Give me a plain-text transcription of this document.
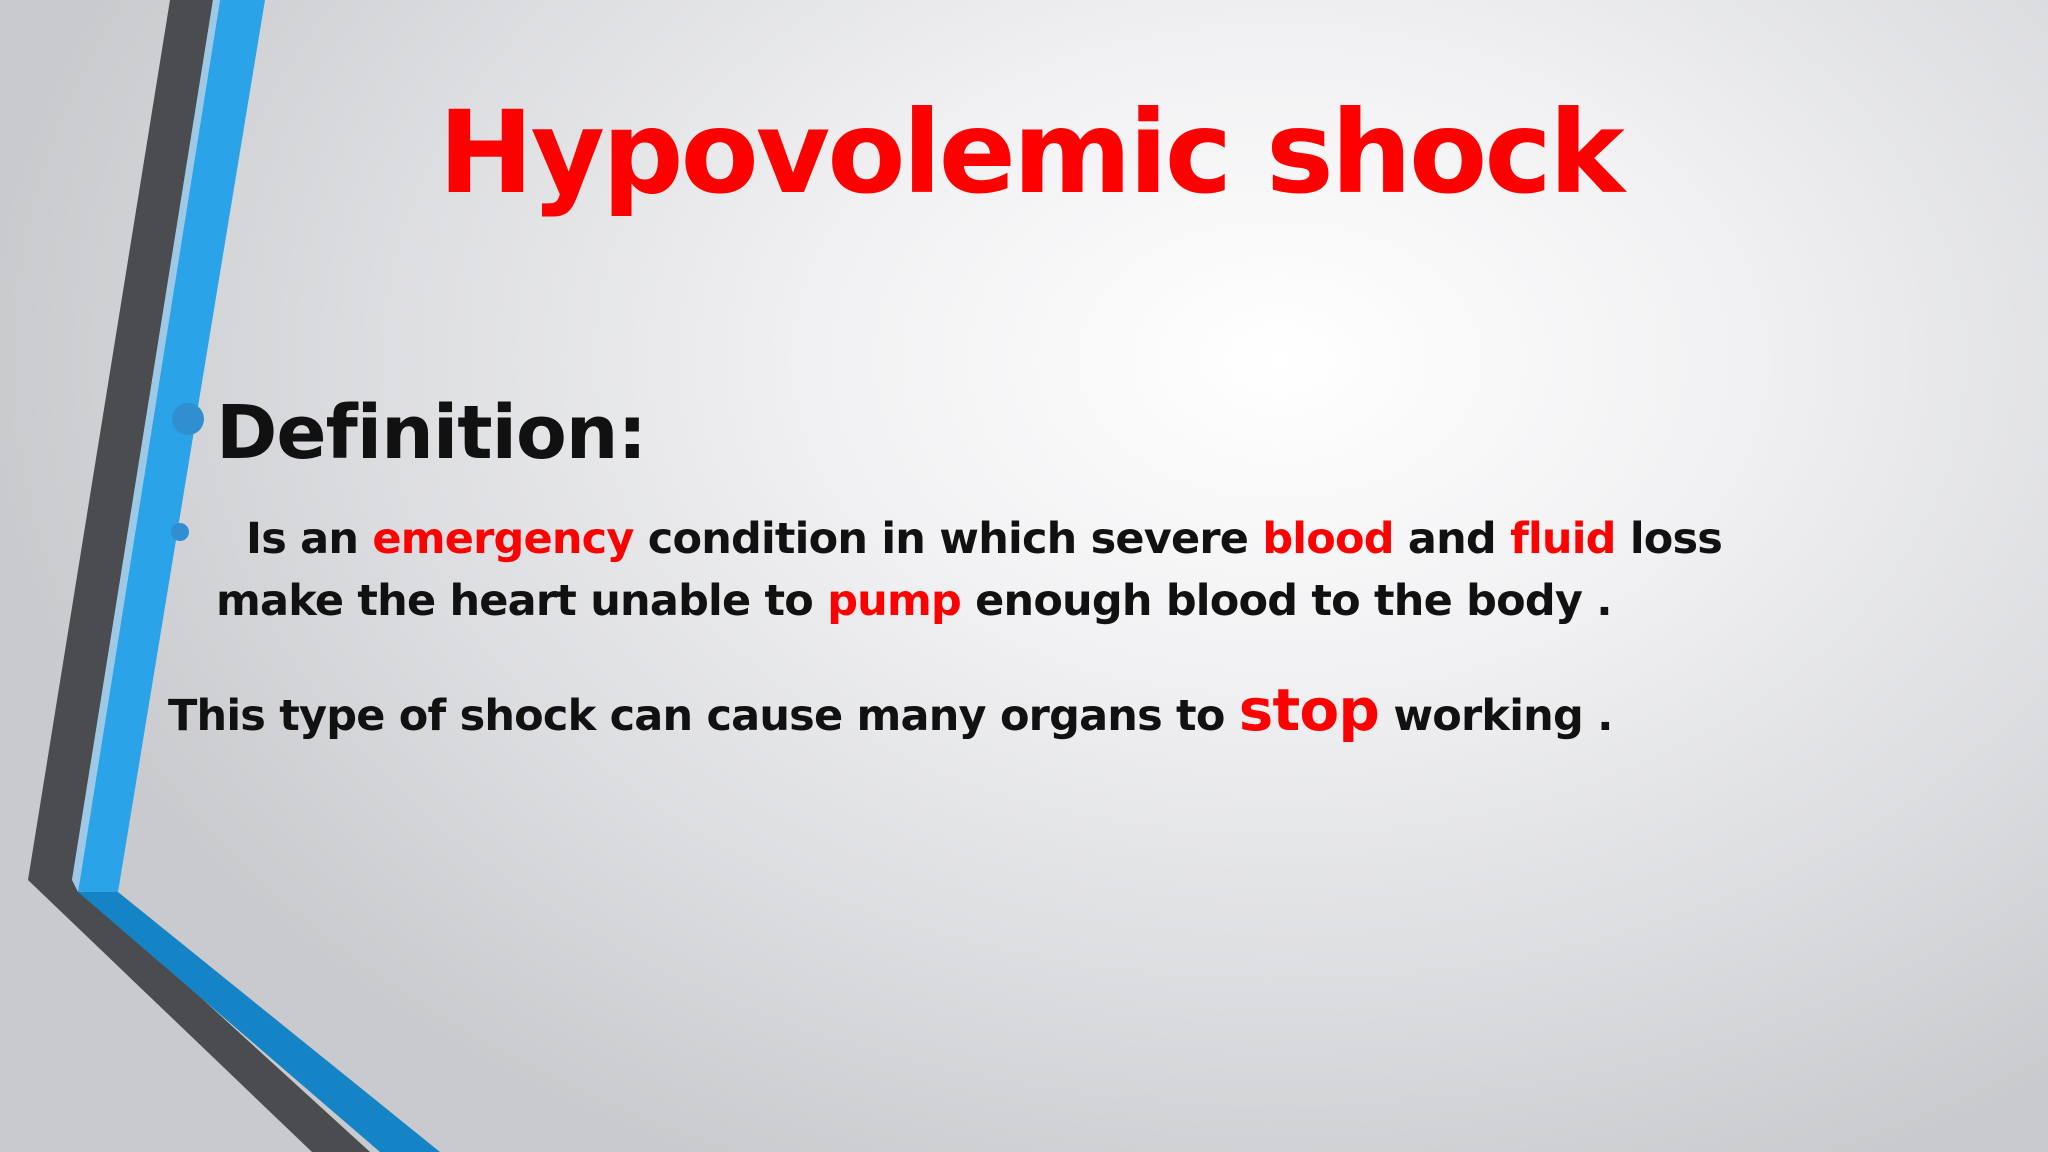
Hypovolemic shock
Definition:

Is an emergency condition in which severe blood and fluid loss make the heart unable to pump enough blood to the body .

This type of shock can cause many organs to stop working .
